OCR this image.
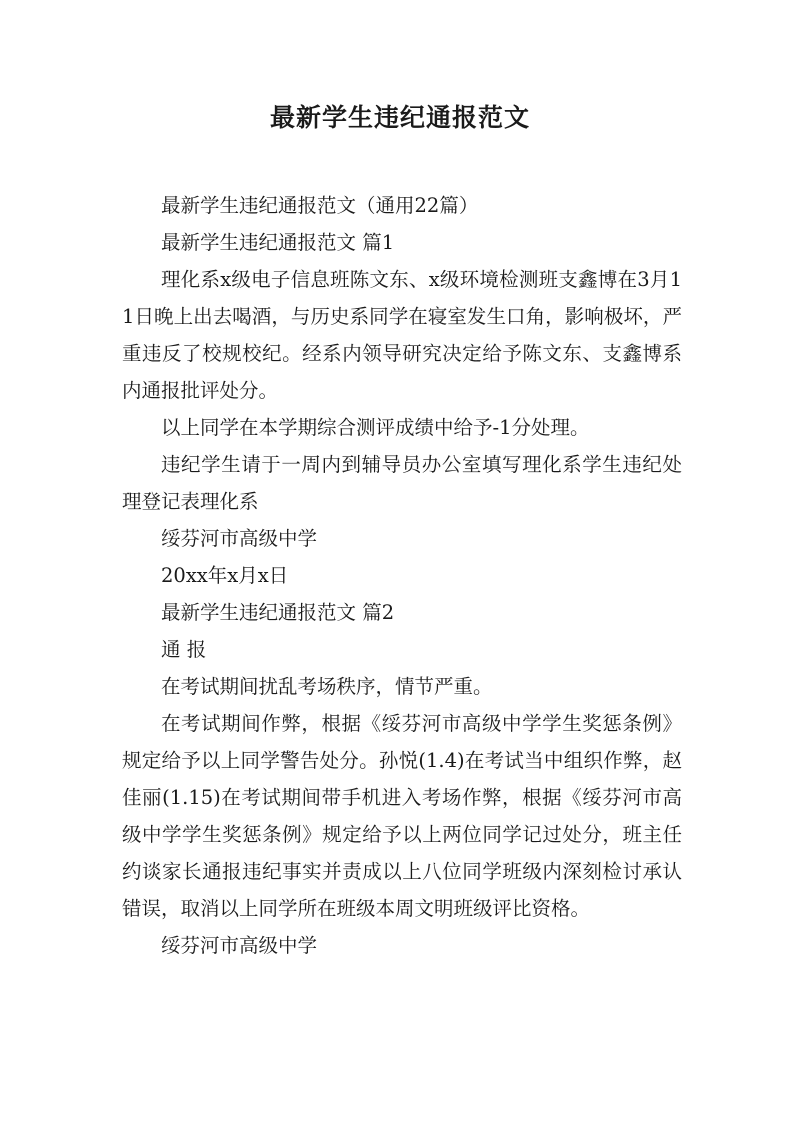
最新学生违纪通报范文

最新学生违纪通报范文（通用22篇）

最新学生违纪通报范文 篇1

理化系x级电子信息班陈文东、x级环境检测班支鑫博在3月11日晚上出去喝酒，与历史系同学在寝室发生口角，影响极坏，严重违反了校规校纪。经系内领导研究决定给予陈文东、支鑫博系内通报批评处分。

以上同学在本学期综合测评成绩中给予-1分处理。

违纪学生请于一周内到辅导员办公室填写理化系学生违纪处理登记表理化系

绥芬河市高级中学

20xx年x月x日

最新学生违纪通报范文 篇2

通 报

在考试期间扰乱考场秩序，情节严重。

在考试期间作弊，根据《绥芬河市高级中学学生奖惩条例》规定给予以上同学警告处分。孙悦(1.4)在考试当中组织作弊，赵佳丽(1.15)在考试期间带手机进入考场作弊，根据《绥芬河市高级中学学生奖惩条例》规定给予以上两位同学记过处分，班主任约谈家长通报违纪事实并责成以上八位同学班级内深刻检讨承认错误，取消以上同学所在班级本周文明班级评比资格。

绥芬河市高级中学
